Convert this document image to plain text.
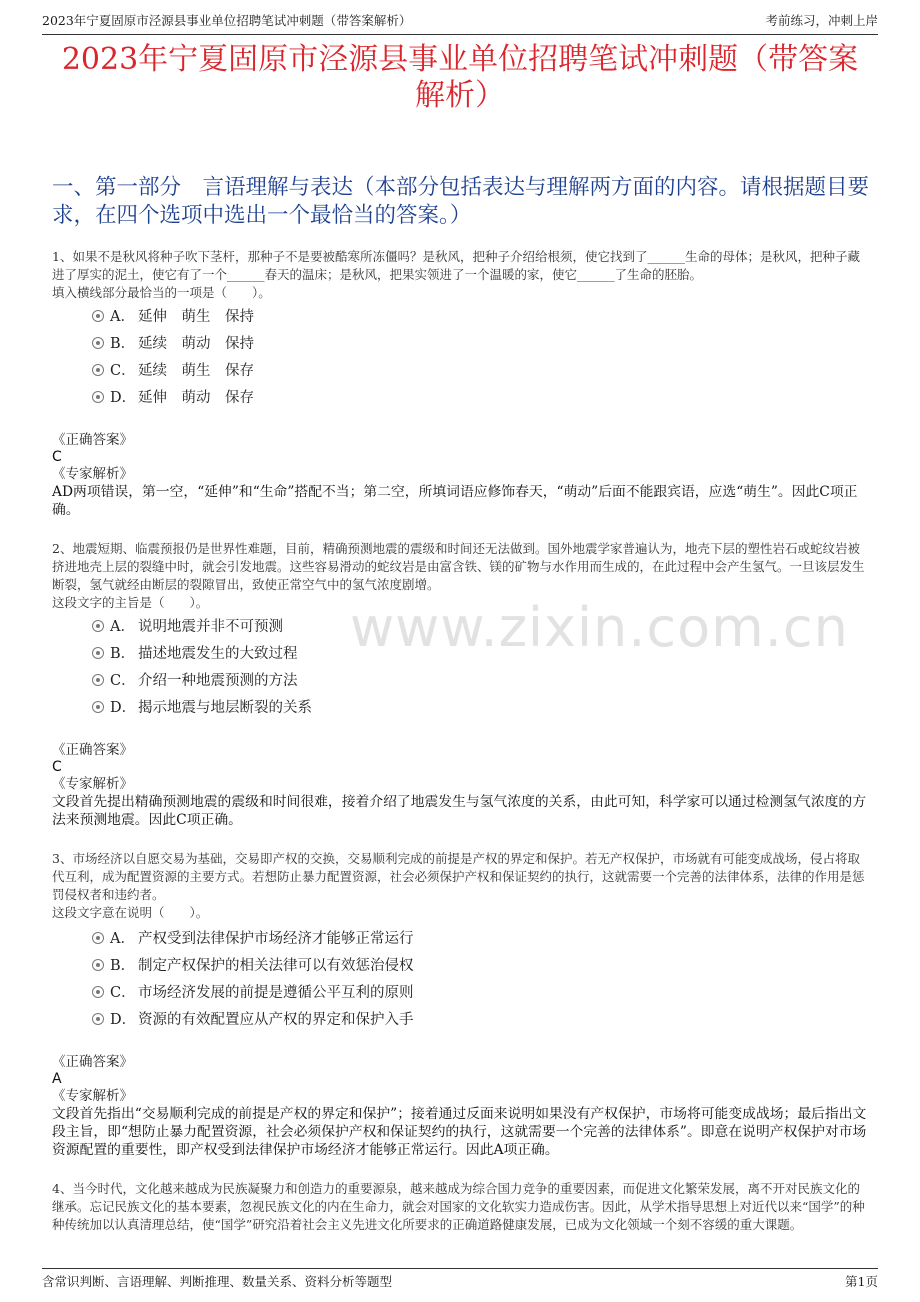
2023年宁夏固原市泾源县事业单位招聘笔试冲刺题（带答案解析）	考前练习，冲刺上岸
2023年宁夏固原市泾源县事业单位招聘笔试冲刺题（带答案解析）
一、第一部分　言语理解与表达（本部分包括表达与理解两方面的内容。请根据题目要求，在四个选项中选出一个最恰当的答案。）
www.zixin.com.cn

1、如果不是秋风将种子吹下茎杆，那种子不是要被酷寒所冻僵吗？是秋风，把种子介绍给根须，使它找到了______生命的母体；是秋风，把种子藏进了厚实的泥土，使它有了一个______春天的温床；是秋风，把果实领进了一个温暖的家，使它______了生命的胚胎。

填入横线部分最恰当的一项是（　　）。

A． 延伸　萌生　保持
B． 延续　萌动　保持
C． 延续　萌生　保存
D． 延伸　萌动　保存
《正确答案》
C
《专家解析》
AD两项错误，第一空，“延伸”和“生命”搭配不当；第二空，所填词语应修饰春天，“萌动”后面不能跟宾语，应选“萌生”。因此C项正确。

2、地震短期、临震预报仍是世界性难题，目前，精确预测地震的震级和时间还无法做到。国外地震学家普遍认为，地壳下层的塑性岩石或蛇纹岩被挤进地壳上层的裂缝中时，就会引发地震。这些容易滑动的蛇纹岩是由富含铁、镁的矿物与水作用而生成的，在此过程中会产生氢气。一旦该层发生断裂，氢气就经由断层的裂隙冒出，致使正常空气中的氢气浓度剧增。

这段文字的主旨是（　　）。

A． 说明地震并非不可预测
B． 描述地震发生的大致过程
C． 介绍一种地震预测的方法
D． 揭示地震与地层断裂的关系
《正确答案》
C
《专家解析》
文段首先提出精确预测地震的震级和时间很难，接着介绍了地震发生与氢气浓度的关系，由此可知，科学家可以通过检测氢气浓度的方法来预测地震。因此C项正确。

3、市场经济以自愿交易为基础，交易即产权的交换，交易顺利完成的前提是产权的界定和保护。若无产权保护，市场就有可能变成战场，侵占将取代互利，成为配置资源的主要方式。若想防止暴力配置资源，社会必须保护产权和保证契约的执行，这就需要一个完善的法律体系，法律的作用是惩罚侵权者和违约者。

这段文字意在说明（　　）。

A． 产权受到法律保护市场经济才能够正常运行
B． 制定产权保护的相关法律可以有效惩治侵权
C． 市场经济发展的前提是遵循公平互利的原则
D． 资源的有效配置应从产权的界定和保护入手
《正确答案》
A
《专家解析》
文段首先指出“交易顺利完成的前提是产权的界定和保护”；接着通过反面来说明如果没有产权保护，市场将可能变成战场；最后指出文段主旨，即“想防止暴力配置资源，社会必须保护产权和保证契约的执行，这就需要一个完善的法律体系”。即意在说明产权保护对市场资源配置的重要性，即产权受到法律保护市场经济才能够正常运行。因此A项正确。

4、当今时代，文化越来越成为民族凝聚力和创造力的重要源泉，越来越成为综合国力竞争的重要因素，而促进文化繁荣发展，离不开对民族文化的继承。忘记民族文化的基本要素，忽视民族文化的内在生命力，就会对国家的文化软实力造成伤害。因此，从学术指导思想上对近代以来“国学”的种种传统加以认真清理总结，使“国学”研究沿着社会主义先进文化所要求的正确道路健康发展，已成为文化领域一个刻不容缓的重大课题。

含常识判断、言语理解、判断推理、数量关系、资料分析等题型	第1页
